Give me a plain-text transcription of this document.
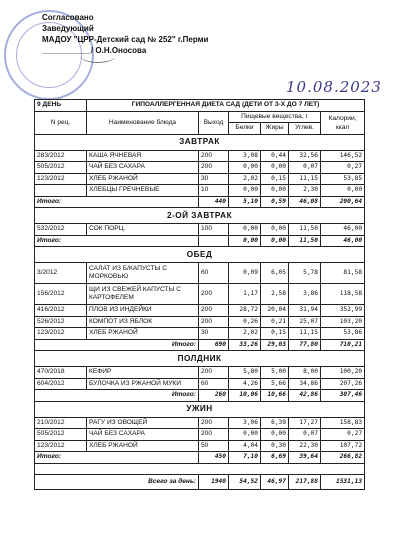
Согласовано
Заведующий
МАДОУ "ЦРР-Детский сад № 252" г.Перми
___________/ О.Н.Оносова
10.08.2023
9 ДЕНЬ	ГИПОАЛЛЕРГЕННАЯ ДИЕТА САД (ДЕТИ ОТ 3-Х ДО 7 ЛЕТ)					
N рец.	Наименование блюда	Выход	Пищевые вещества, г			Калории, ккал
			Белки	Жиры	Углев.	
ЗАВТРАК						
283/2012	КАША ЯЧНЕВАЯ	200	3,08	0,44	32,56	146,52
505/2012	ЧАЙ БЕЗ САХАРА	200	0,00	0,00	0,07	0,27
123/2012	ХЛЕБ РЖАНОЙ	30	2,02	0,15	11,15	53,85
	ХЛЕБЦЫ ГРЕЧНЕВЫЕ	10	0,00	0,00	2,30	0,00
Итого:		440	5,10	0,59	46,08	200,64
2-ОЙ ЗАВТРАК						
532/2012	СОК ПОРЦ.	100	0,00	0,00	11,50	46,00
Итого:			0,00	0,00	11,50	46,00
ОБЕД						
3/2012	САЛАТ ИЗ Б/КАПУСТЫ С МОРКОВЬЮ	60	0,09	6,05	5,78	81,58
156/2012	ЩИ ИЗ СВЕЖЕЙ КАПУСТЫ С КАРТОФЕЛЕМ	200	1,17	2,58	3,86	118,58
416/2012	ПЛОВ ИЗ ИНДЕЙКИ	200	28,72	20,04	31,94	352,99
526/2012	КОМПОТ ИЗ ЯБЛОК	200	0,26	0,21	25,07	103,20
123/2012	ХЛЕБ РЖАНОЙ	30	2,02	0,15	11,15	53,86
Итого:		690	33,26	29,03	77,80	710,21
ПОЛДНИК						
470/2018	КЕФИР	200	5,80	5,00	8,00	100,20
604/2012	БУЛОЧКА ИЗ РЖАНОЙ МУКИ	60	4,26	5,66	34,86	207,26
Итого:		260	10,06	10,66	42,86	307,46
УЖИН						
210/2012	РАГУ ИЗ ОВОЩЕЙ	200	3,06	6,39	17,27	158,83
505/2012	ЧАЙ БЕЗ САХАРА	200	0,00	0,00	0,07	0,27
123/2012	ХЛЕБ РЖАНОЙ	50	4,04	0,30	22,30	107,72
Итого:		450	7,10	6,69	39,64	266,82

Всего за день:		1940	54,52	46,97	217,88	1531,13
